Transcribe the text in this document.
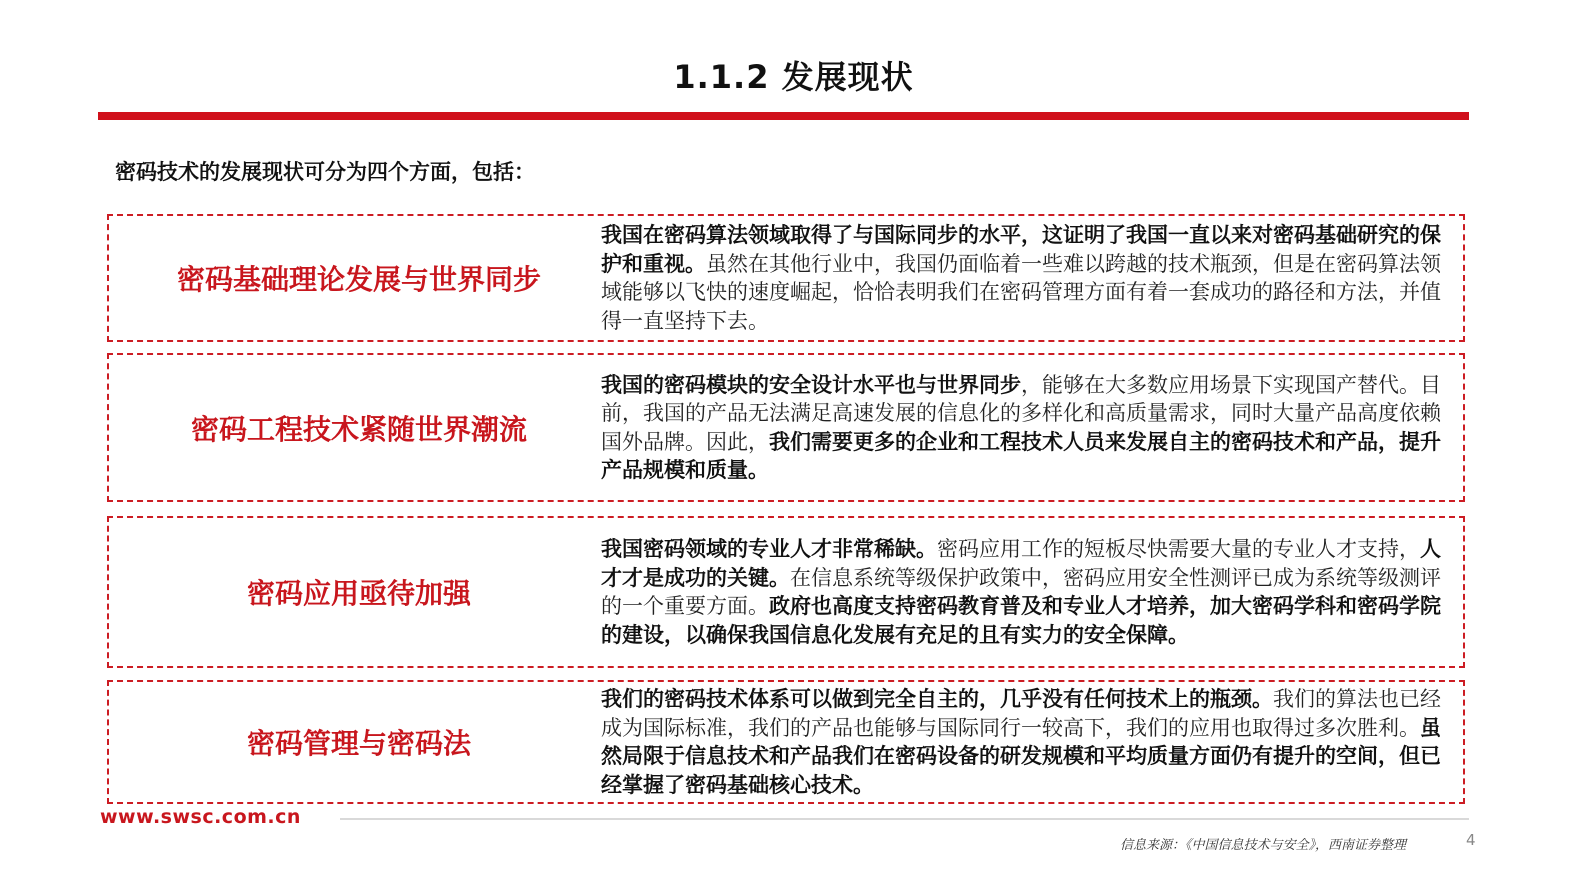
1.1.2 发展现状
密码技术的发展现状可分为四个方面，包括：
密码基础理论发展与世界同步

我国在密码算法领域取得了与国际同步的水平，这证明了我国一直以来对密码基础研究的保护和重视。虽然在其他行业中，我国仍面临着一些难以跨越的技术瓶颈，但是在密码算法领域能够以飞快的速度崛起，恰恰表明我们在密码管理方面有着一套成功的路径和方法，并值得一直坚持下去。

密码工程技术紧随世界潮流

我国的密码模块的安全设计水平也与世界同步，能够在大多数应用场景下实现国产替代。目前，我国的产品无法满足高速发展的信息化的多样化和高质量需求，同时大量产品高度依赖国外品牌。因此，我们需要更多的企业和工程技术人员来发展自主的密码技术和产品，提升产品规模和质量。

密码应用亟待加强

我国密码领域的专业人才非常稀缺。密码应用工作的短板尽快需要大量的专业人才支持，人才才是成功的关键。在信息系统等级保护政策中，密码应用安全性测评已成为系统等级测评的一个重要方面。政府也高度支持密码教育普及和专业人才培养，加大密码学科和密码学院的建设，以确保我国信息化发展有充足的且有实力的安全保障。

密码管理与密码法

我们的密码技术体系可以做到完全自主的，几乎没有任何技术上的瓶颈。我们的算法也已经成为国际标准，我们的产品也能够与国际同行一较高下，我们的应用也取得过多次胜利。虽然局限于信息技术和产品我们在密码设备的研发规模和平均质量方面仍有提升的空间，但已经掌握了密码基础核心技术。

www.swsc.com.cn
信息来源：《中国信息技术与安全》，西南证券整理	4
